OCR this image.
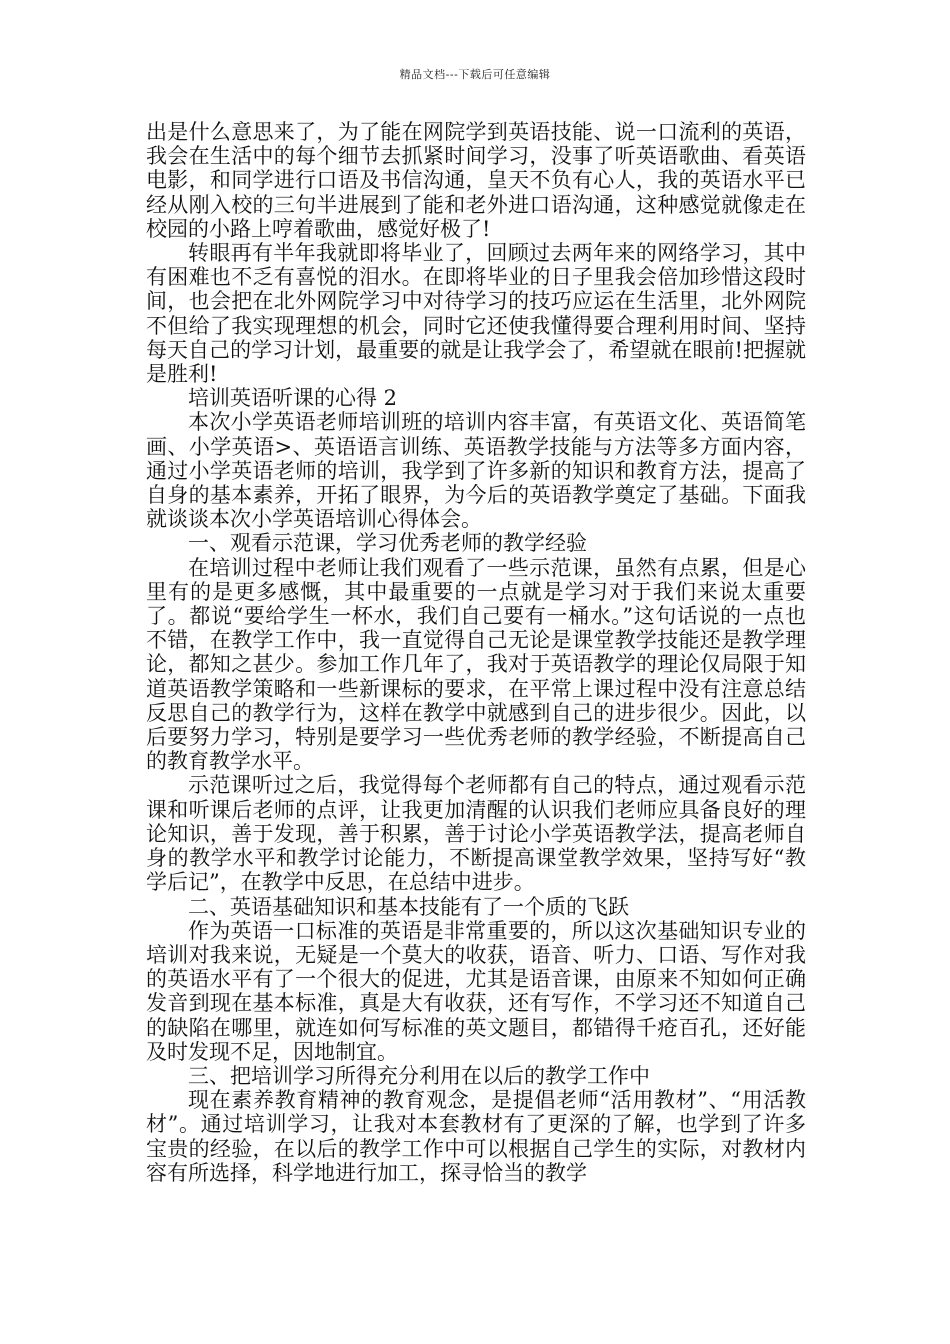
精品文档---下载后可任意编辑

出是什么意思来了，为了能在网院学到英语技能、说一口流利的英语，我会在生活中的每个细节去抓紧时间学习，没事了听英语歌曲、看英语电影，和同学进行口语及书信沟通，皇天不负有心人，我的英语水平已经从刚入校的三句半进展到了能和老外进口语沟通，这种感觉就像走在校园的小路上哼着歌曲，感觉好极了!

转眼再有半年我就即将毕业了，回顾过去两年来的网络学习，其中有困难也不乏有喜悦的泪水。在即将毕业的日子里我会倍加珍惜这段时间，也会把在北外网院学习中对待学习的技巧应运在生活里，北外网院不但给了我实现理想的机会，同时它还使我懂得要合理利用时间、坚持每天自己的学习计划，最重要的就是让我学会了，希望就在眼前!把握就是胜利!

培训英语听课的心得 2

本次小学英语老师培训班的培训内容丰富，有英语文化、英语简笔画、小学英语>、英语语言训练、英语教学技能与方法等多方面内容，通过小学英语老师的培训，我学到了许多新的知识和教育方法，提高了自身的基本素养，开拓了眼界，为今后的英语教学奠定了基础。下面我就谈谈本次小学英语培训心得体会。

一、观看示范课，学习优秀老师的教学经验

在培训过程中老师让我们观看了一些示范课，虽然有点累，但是心里有的是更多感慨，其中最重要的一点就是学习对于我们来说太重要了。都说“要给学生一杯水，我们自己要有一桶水。”这句话说的一点也不错，在教学工作中，我一直觉得自己无论是课堂教学技能还是教学理论，都知之甚少。参加工作几年了，我对于英语教学的理论仅局限于知道英语教学策略和一些新课标的要求，在平常上课过程中没有注意总结反思自己的教学行为，这样在教学中就感到自己的进步很少。因此，以后要努力学习，特别是要学习一些优秀老师的教学经验，不断提高自己的教育教学水平。

示范课听过之后，我觉得每个老师都有自己的特点，通过观看示范课和听课后老师的点评，让我更加清醒的认识我们老师应具备良好的理论知识，善于发现，善于积累，善于讨论小学英语教学法，提高老师自身的教学水平和教学讨论能力，不断提高课堂教学效果，坚持写好“教学后记”，在教学中反思，在总结中进步。

二、英语基础知识和基本技能有了一个质的飞跃

作为英语一口标准的英语是非常重要的，所以这次基础知识专业的培训对我来说，无疑是一个莫大的收获，语音、听力、口语、写作对我的英语水平有了一个很大的促进，尤其是语音课，由原来不知如何正确发音到现在基本标准，真是大有收获，还有写作，不学习还不知道自己的缺陷在哪里，就连如何写标准的英文题目，都错得千疮百孔，还好能及时发现不足，因地制宜。

三、把培训学习所得充分利用在以后的教学工作中

现在素养教育精神的教育观念，是提倡老师“活用教材”、“用活教材”。通过培训学习，让我对本套教材有了更深的了解，也学到了许多宝贵的经验，在以后的教学工作中可以根据自己学生的实际，对教材内容有所选择，科学地进行加工，探寻恰当的教学
